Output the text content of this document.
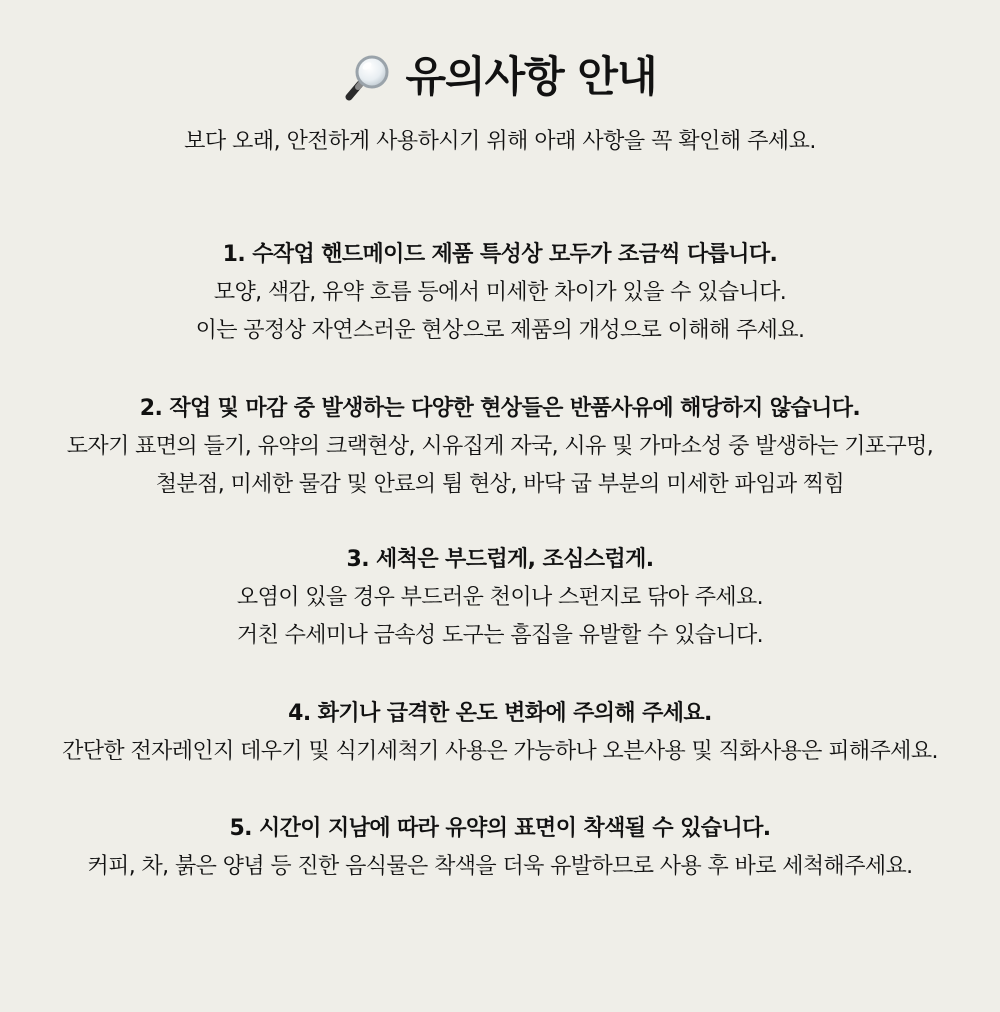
유의사항 안내
보다 오래, 안전하게 사용하시기 위해 아래 사항을 꼭 확인해 주세요.
1. 수작업 핸드메이드 제품 특성상 모두가 조금씩 다릅니다.
모양, 색감, 유약 흐름 등에서 미세한 차이가 있을 수 있습니다.
이는 공정상 자연스러운 현상으로 제품의 개성으로 이해해 주세요.
2. 작업 및 마감 중 발생하는 다양한 현상들은 반품사유에 해당하지 않습니다.
도자기 표면의 들기, 유약의 크랙현상, 시유집게 자국, 시유 및 가마소성 중 발생하는 기포구멍,
철분점, 미세한 물감 및 안료의 튐 현상, 바닥 굽 부분의 미세한 파임과 찍힘
3. 세척은 부드럽게, 조심스럽게.
오염이 있을 경우 부드러운 천이나 스펀지로 닦아 주세요.
거친 수세미나 금속성 도구는 흠집을 유발할 수 있습니다.
4. 화기나 급격한 온도 변화에 주의해 주세요.
간단한 전자레인지 데우기 및 식기세척기 사용은 가능하나 오븐사용 및 직화사용은 피해주세요.
5. 시간이 지남에 따라 유약의 표면이 착색될 수 있습니다.
커피, 차, 붉은 양념 등 진한 음식물은 착색을 더욱 유발하므로 사용 후 바로 세척해주세요.
